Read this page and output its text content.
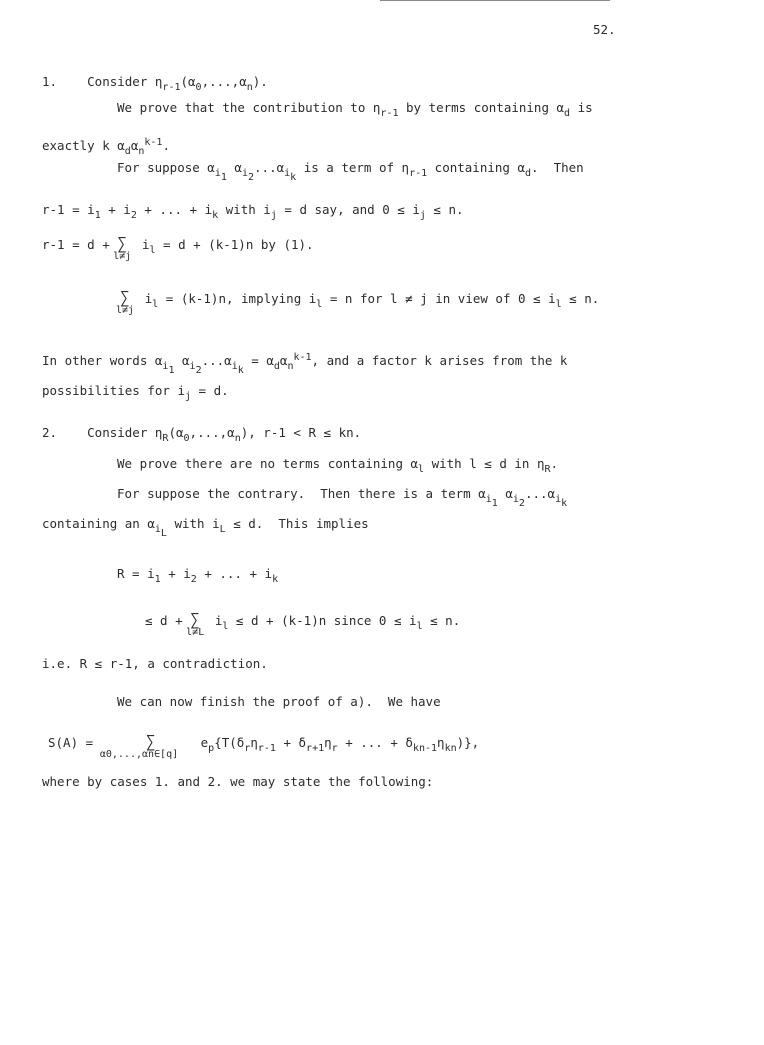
52.
1.    Consider $\eta_{r-1}(\alpha_0,...,\alpha_n)$.
We prove that the contribution to $\eta_{r-1}$ by terms containing $\alpha_d$ is
exactly k $\alpha_d\alpha_n^{k-1}$.
For suppose $\alpha_{i_1}$ $\alpha_{i_2}...\alpha_{i_k}$ is a term of $\eta_{r-1}$ containing $\alpha_d$.  Then
$r-1 = i_1 + i_2$ + ... + $i_k$ with $i_j = d$ say, and $0 \le i_j \le n$.
r-1 = d + ∑
l≠j
$i_l = d + (k-1)n$ by (1).
∑
l≠j
$i_l = (k-1)n$, implying $i_l = n$ for l ≠ j in view of $0 \le i_l \le n$.
In other words $\alpha_{i_1}$ $\alpha_{i_2}...\alpha_{i_k} = \alpha_d\alpha_n^{k-1}$, and a factor k arises from the k
possibilities for $i_j = d$.
2.    Consider $\eta_R(\alpha_0,...,\alpha_n)$, r-1 < R ≤ kn.
We prove there are no terms containing $\alpha_l$ with l ≤ d in $\eta_R$.
For suppose the contrary.  Then there is a term $\alpha_{i_1}$ $\alpha_{i_2}...\alpha_{i_k}$
containing an $\alpha_{i_L}$ with $i_L \le d$.  This implies
$R = i_1 + i_2$ + ... + $i_k$
≤ d + ∑
l≠L
$i_l \le d + (k-1)n$ since $0 \le i_l \le n$.
i.e. R ≤ r-1, a contradiction.
We can now finish the proof of a).  We have
S(A) =       ∑
α0,...,αn∈[q]
$e_p\{T(\delta_r\eta_{r-1} + \delta_{r+1}\eta_r$ + ... + $\delta_{kn-1}\eta_{kn}$)},
where by cases 1. and 2. we may state the following:
